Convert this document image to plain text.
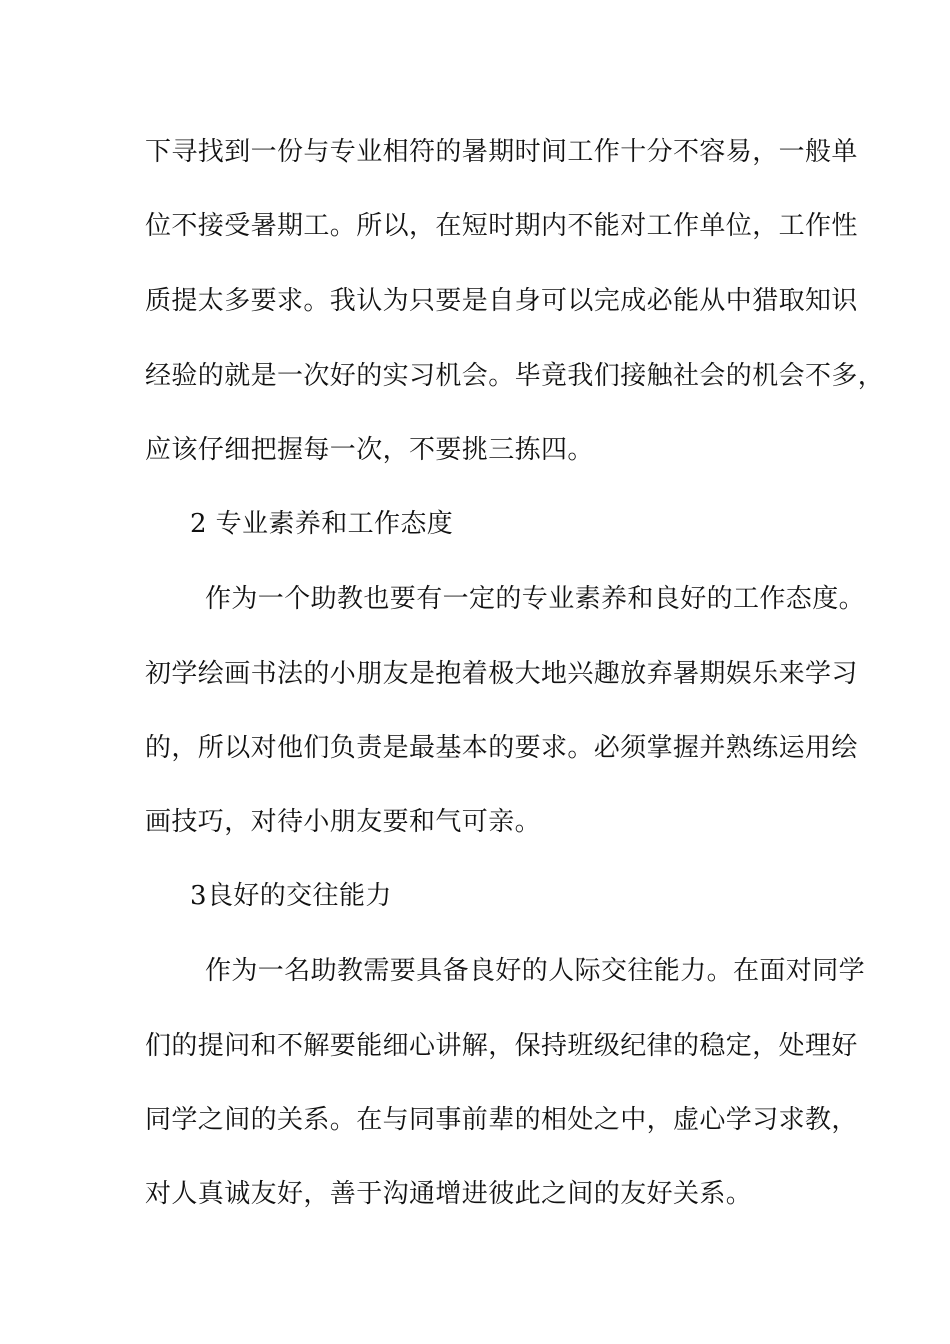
下寻找到一份与专业相符的暑期时间工作十分不容易，一般单
位不接受暑期工。所以，在短时期内不能对工作单位，工作性
质提太多要求。我认为只要是自身可以完成必能从中猎取知识
经验的就是一次好的实习机会。毕竟我们接触社会的机会不多，
应该仔细把握每一次，不要挑三拣四。
2 专业素养和工作态度
作为一个助教也要有一定的专业素养和良好的工作态度。
初学绘画书法的小朋友是抱着极大地兴趣放弃暑期娱乐来学习
的，所以对他们负责是最基本的要求。必须掌握并熟练运用绘
画技巧，对待小朋友要和气可亲。
3良好的交往能力
作为一名助教需要具备良好的人际交往能力。在面对同学
们的提问和不解要能细心讲解，保持班级纪律的稳定，处理好
同学之间的关系。在与同事前辈的相处之中，虚心学习求教，
对人真诚友好，善于沟通增进彼此之间的友好关系。
